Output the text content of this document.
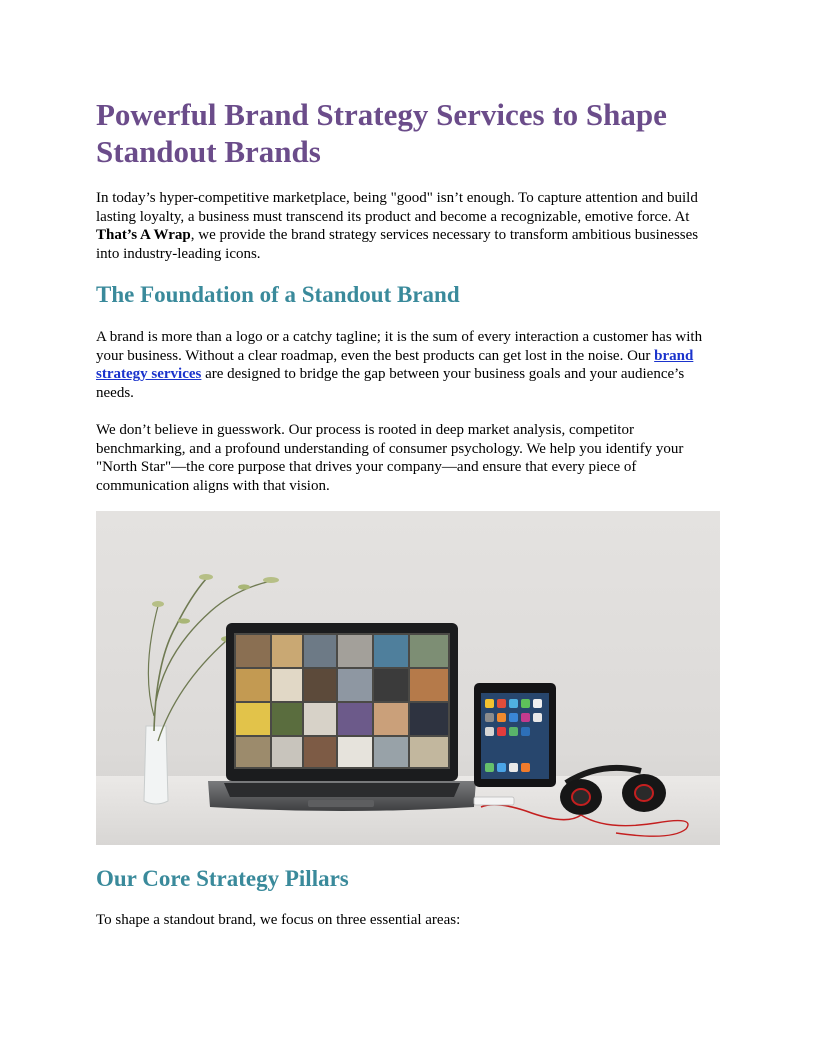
Powerful Brand Strategy Services to Shape Standout Brands

In today’s hyper-competitive marketplace, being "good" isn’t enough. To capture attention and build lasting loyalty, a business must transcend its product and become a recognizable, emotive force. At That’s A Wrap, we provide the brand strategy services necessary to transform ambitious businesses into industry-leading icons.

The Foundation of a Standout Brand

A brand is more than a logo or a catchy tagline; it is the sum of every interaction a customer has with your business. Without a clear roadmap, even the best products can get lost in the noise. Our brand strategy services are designed to bridge the gap between your business goals and your audience’s needs.

We don’t believe in guesswork. Our process is rooted in deep market analysis, competitor benchmarking, and a profound understanding of consumer psychology. We help you identify your "North Star"—the core purpose that drives your company—and ensure that every piece of communication aligns with that vision.

Our Core Strategy Pillars

To shape a standout brand, we focus on three essential areas:
